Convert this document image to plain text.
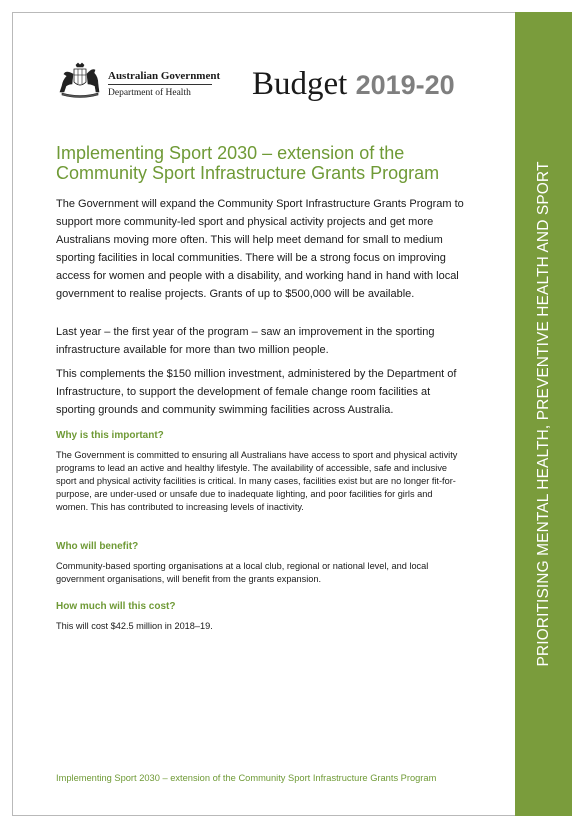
PRIORITISING MENTAL HEALTH, PREVENTIVE HEALTH AND SPORT
Australian Government
Department of Health Budget 2019-20
Implementing Sport 2030 – extension of the Community Sport Infrastructure Grants Program

The Government will expand the Community Sport Infrastructure Grants Program to support more community-led sport and physical activity projects and get more Australians moving more often. This will help meet demand for small to medium sporting facilities in local communities. There will be a strong focus on improving access for women and people with a disability, and working hand in hand with local government to realise projects. Grants of up to $500,000 will be available.

Last year – the first year of the program – saw an improvement in the sporting infrastructure available for more than two million people.

This complements the $150 million investment, administered by the Department of Infrastructure, to support the development of female change room facilities at sporting grounds and community swimming facilities across Australia.

Why is this important?

The Government is committed to ensuring all Australians have access to sport and physical activity programs to lead an active and healthy lifestyle. The availability of accessible, safe and inclusive sport and physical activity facilities is critical. In many cases, facilities exist but are no longer fit-for-purpose, are under-used or unsafe due to inadequate lighting, and poor facilities for girls and women. This has contributed to increasing levels of inactivity.

Who will benefit?

Community-based sporting organisations at a local club, regional or national level, and local government organisations, will benefit from the grants expansion.

How much will this cost?

This will cost $42.5 million in 2018–19.

Implementing Sport 2030 – extension of the Community Sport Infrastructure Grants Program
